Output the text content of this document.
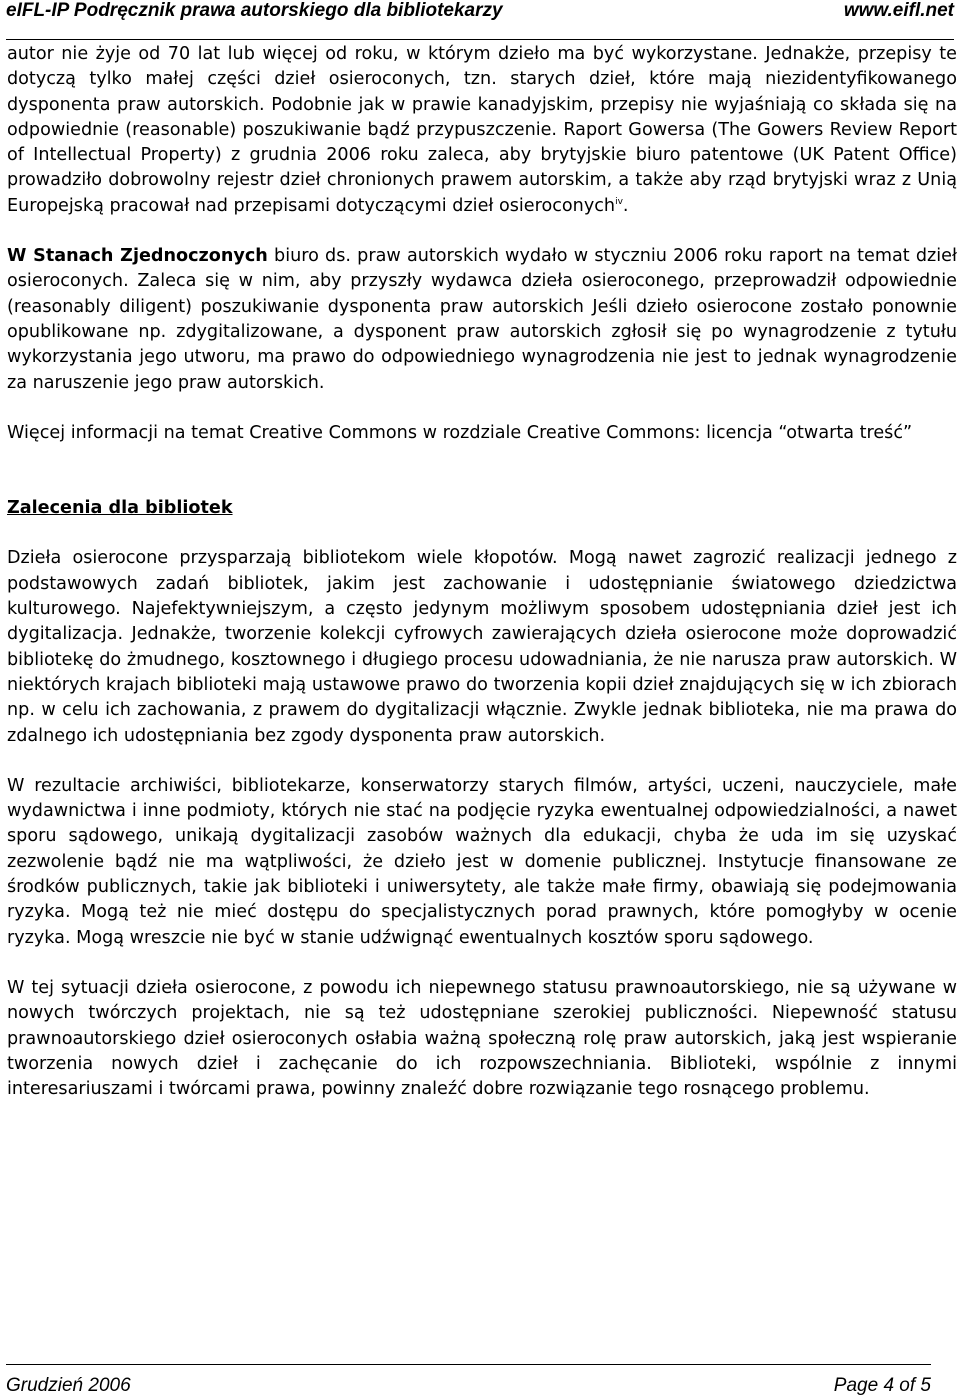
eIFL-IP Podręcznik prawa autorskiego dla bibliotekarzy	www.eifl.net

autor nie żyje od 70 lat lub więcej od roku, w którym dzieło ma być wykorzystane. Jednakże, przepisy te dotyczą tylko małej części dzieł osieroconych, tzn. starych dzieł, które mają niezidentyfikowanego dysponenta praw autorskich. Podobnie jak w prawie kanadyjskim, przepisy nie wyjaśniają co składa się na odpowiednie (reasonable) poszukiwanie bądź przypuszczenie. Raport Gowersa (The Gowers Review Report of Intellectual Property) z grudnia 2006 roku zaleca, aby brytyjskie biuro patentowe (UK Patent Office) prowadziło dobrowolny rejestr dzieł chronionych prawem autorskim, a także aby rząd brytyjski wraz z Unią Europejską pracował nad przepisami dotyczącymi dzieł osieroconych$^{iv}$.

W Stanach Zjednoczonych biuro ds. praw autorskich wydało w styczniu 2006 roku raport na temat dzieł osieroconych. Zaleca się w nim, aby przyszły wydawca dzieła osieroconego, przeprowadził odpowiednie (reasonably diligent) poszukiwanie dysponenta praw autorskich Jeśli dzieło osierocone zostało ponownie opublikowane np. zdygitalizowane, a dysponent praw autorskich zgłosił się po wynagrodzenie z tytułu wykorzystania jego utworu, ma prawo do odpowiedniego wynagrodzenia nie jest to jednak wynagrodzenie za naruszenie jego praw autorskich.

Więcej informacji na temat Creative Commons w rozdziale Creative Commons: licencja “otwarta treść”

Zalecenia dla bibliotek

Dzieła osierocone przysparzają bibliotekom wiele kłopotów. Mogą nawet zagrozić realizacji jednego z podstawowych zadań bibliotek, jakim jest zachowanie i udostępnianie światowego dziedzictwa kulturowego. Najefektywniejszym, a często jedynym możliwym sposobem udostępniania dzieł jest ich dygitalizacja. Jednakże, tworzenie kolekcji cyfrowych zawierających dzieła osierocone może doprowadzić bibliotekę do żmudnego, kosztownego i długiego procesu udowadniania, że nie narusza praw autorskich. W niektórych krajach biblioteki mają ustawowe prawo do tworzenia kopii dzieł znajdujących się w ich zbiorach np. w celu ich zachowania, z prawem do dygitalizacji włącznie. Zwykle jednak biblioteka, nie ma prawa do zdalnego ich udostępniania bez zgody dysponenta praw autorskich.

W rezultacie archiwiści, bibliotekarze, konserwatorzy starych filmów, artyści, uczeni, nauczyciele, małe wydawnictwa i inne podmioty, których nie stać na podjęcie ryzyka ewentualnej odpowiedzialności, a nawet sporu sądowego, unikają dygitalizacji zasobów ważnych dla edukacji, chyba że uda im się uzyskać zezwolenie bądź nie ma wątpliwości, że dzieło jest w domenie publicznej. Instytucje finansowane ze środków publicznych, takie jak biblioteki i uniwersytety, ale także małe firmy, obawiają się podejmowania ryzyka. Mogą też nie mieć dostępu do specjalistycznych porad prawnych, które pomogłyby w ocenie ryzyka. Mogą wreszcie nie być w stanie udźwignąć ewentualnych kosztów sporu sądowego.

W tej sytuacji dzieła osierocone, z powodu ich niepewnego statusu prawnoautorskiego, nie są używane w nowych twórczych projektach, nie są też udostępniane szerokiej publiczności. Niepewność statusu prawnoautorskiego dzieł osieroconych osłabia ważną społeczną rolę praw autorskich, jaką jest wspieranie tworzenia nowych dzieł i zachęcanie do ich rozpowszechniania. Biblioteki, wspólnie z innymi interesariuszami i twórcami prawa, powinny znaleźć dobre rozwiązanie tego rosnącego problemu.

Grudzień 2006	Page 4 of 5
